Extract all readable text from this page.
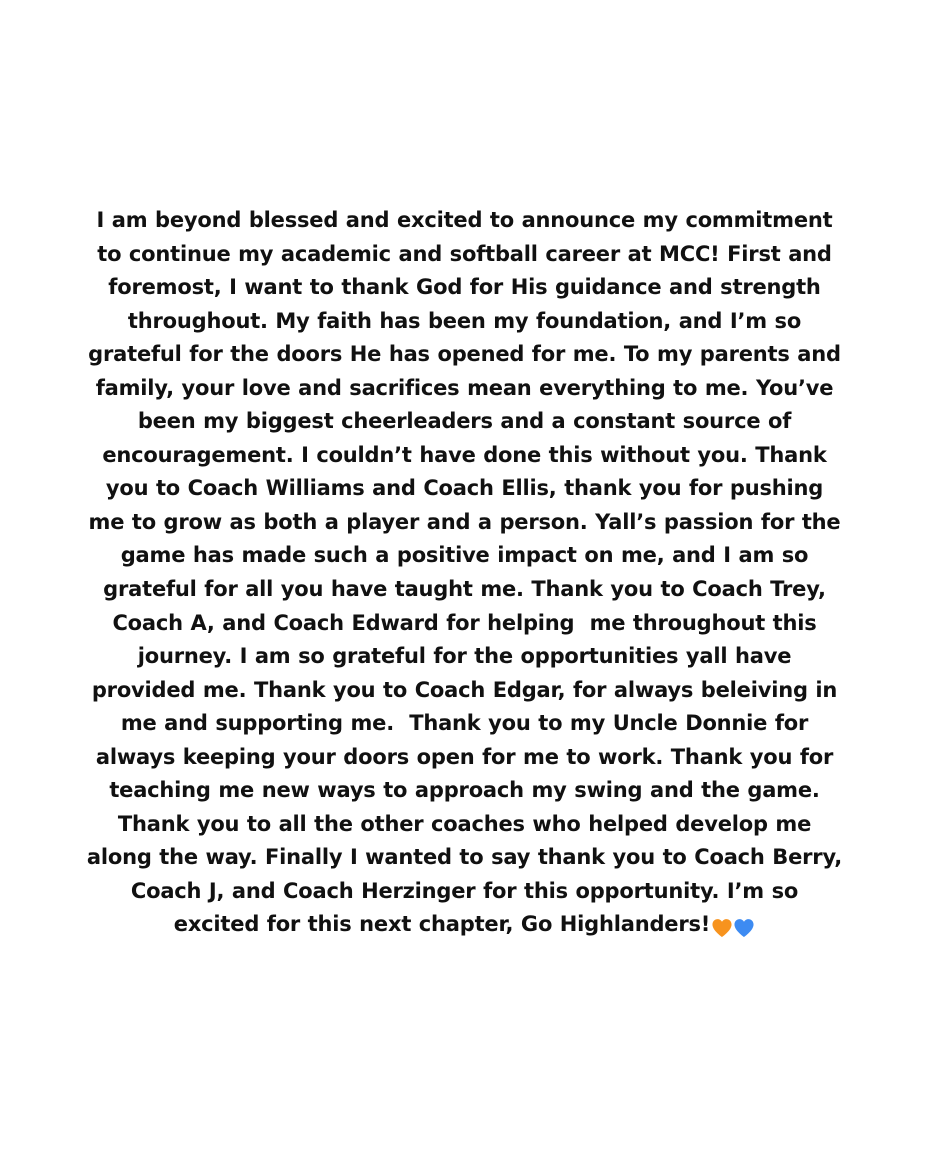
I am beyond blessed and excited to announce my commitment
to continue my academic and softball career at MCC! First and
foremost, I want to thank God for His guidance and strength
throughout. My faith has been my foundation, and I’m so
grateful for the doors He has opened for me. To my parents and
family, your love and sacrifices mean everything to me. You’ve
been my biggest cheerleaders and a constant source of
encouragement. I couldn’t have done this without you. Thank
you to Coach Williams and Coach Ellis, thank you for pushing
me to grow as both a player and a person. Yall’s passion for the
game has made such a positive impact on me, and I am so
grateful for all you have taught me. Thank you to Coach Trey,
Coach A, and Coach Edward for helping  me throughout this
journey. I am so grateful for the opportunities yall have
provided me. Thank you to Coach Edgar, for always beleiving in
me and supporting me.  Thank you to my Uncle Donnie for
always keeping your doors open for me to work. Thank you for
teaching me new ways to approach my swing and the game.
Thank you to all the other coaches who helped develop me
along the way. Finally I wanted to say thank you to Coach Berry,
Coach J, and Coach Herzinger for this opportunity. I’m so
excited for this next chapter, Go Highlanders!
